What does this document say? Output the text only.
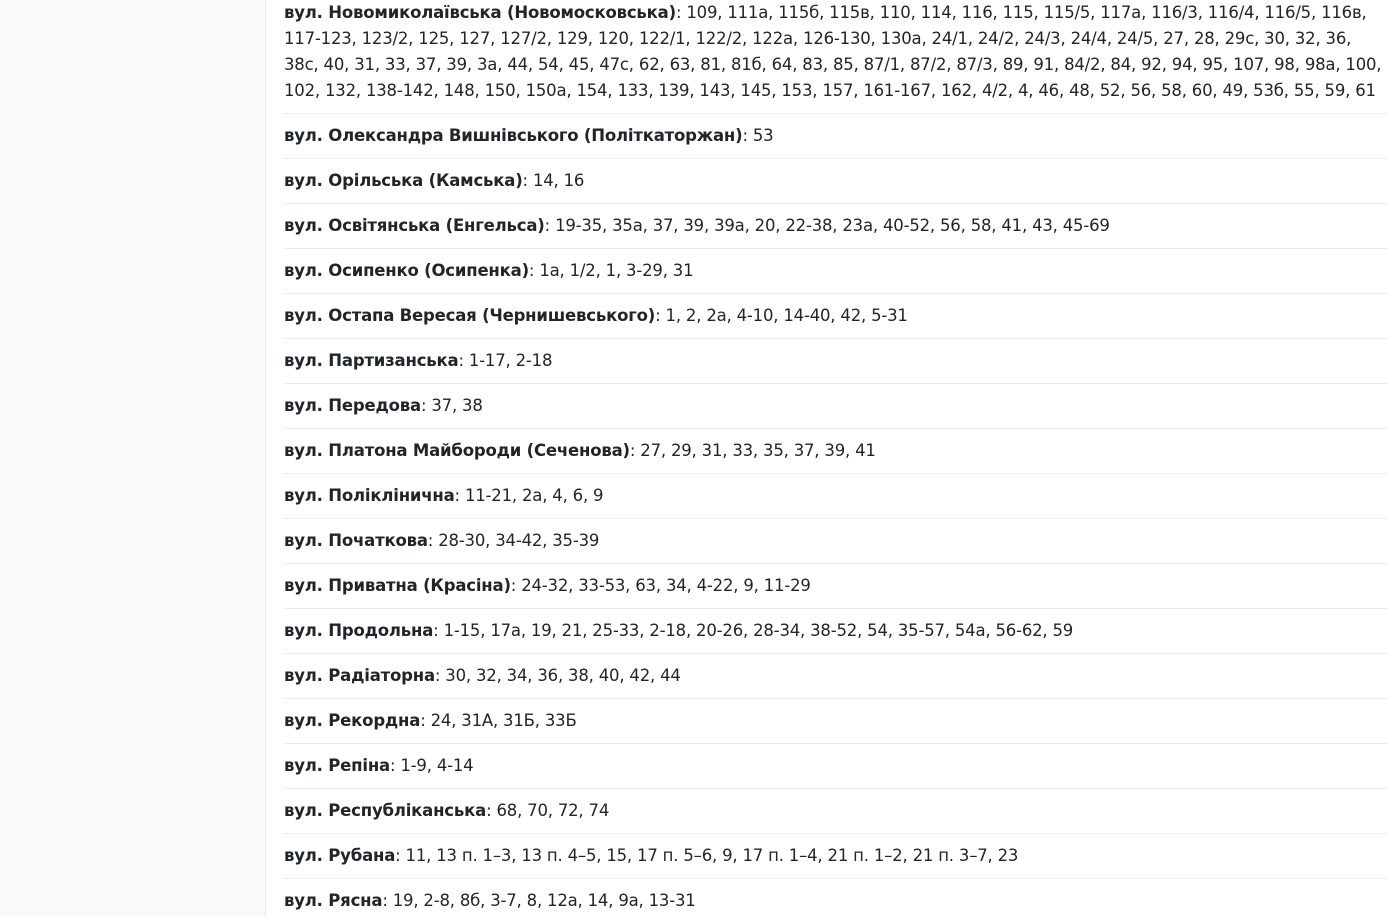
вул. Новомиколаївська (Новомосковська): 109, 111а, 115б, 115в, 110, 114, 116, 115, 115/5, 117а, 116/3, 116/4, 116/5, 116в, 117-123, 123/2, 125, 127, 127/2, 129, 120, 122/1, 122/2, 122а, 126-130, 130а, 24/1, 24/2, 24/3, 24/4, 24/5, 27, 28, 29с, 30, 32, 36, 38с, 40, 31, 33, 37, 39, 3а, 44, 54, 45, 47с, 62, 63, 81, 81б, 64, 83, 85, 87/1, 87/2, 87/3, 89, 91, 84/2, 84, 92, 94, 95, 107, 98, 98а, 100, 102, 132, 138-142, 148, 150, 150а, 154, 133, 139, 143, 145, 153, 157, 161-167, 162, 4/2, 4, 46, 48, 52, 56, 58, 60, 49, 53б, 55, 59, 61
вул. Олександра Вишнівського (Політкаторжан): 53
вул. Орільська (Камська): 14, 16
вул. Освітянська (Енгельса): 19-35, 35а, 37, 39, 39а, 20, 22-38, 23а, 40-52, 56, 58, 41, 43, 45-69
вул. Осипенко (Осипенка): 1а, 1/2, 1, 3-29, 31
вул. Остапа Вересая (Чернишевського): 1, 2, 2а, 4-10, 14-40, 42, 5-31
вул. Партизанська: 1-17, 2-18
вул. Передова: 37, 38
вул. Платона Майбороди (Сеченова): 27, 29, 31, 33, 35, 37, 39, 41
вул. Поліклінична: 11-21, 2а, 4, 6, 9
вул. Початкова: 28-30, 34-42, 35-39
вул. Приватна (Красіна): 24-32, 33-53, 63, 34, 4-22, 9, 11-29
вул. Продольна: 1-15, 17а, 19, 21, 25-33, 2-18, 20-26, 28-34, 38-52, 54, 35-57, 54а, 56-62, 59
вул. Радіаторна: 30, 32, 34, 36, 38, 40, 42, 44
вул. Рекордна: 24, 31А, 31Б, 33Б
вул. Репіна: 1-9, 4-14
вул. Республіканська: 68, 70, 72, 74
вул. Рубана: 11, 13 п. 1–3, 13 п. 4–5, 15, 17 п. 5–6, 9, 17 п. 1–4, 21 п. 1–2, 21 п. 3–7, 23
вул. Рясна: 19, 2-8, 8б, 3-7, 8, 12а, 14, 9а, 13-31
